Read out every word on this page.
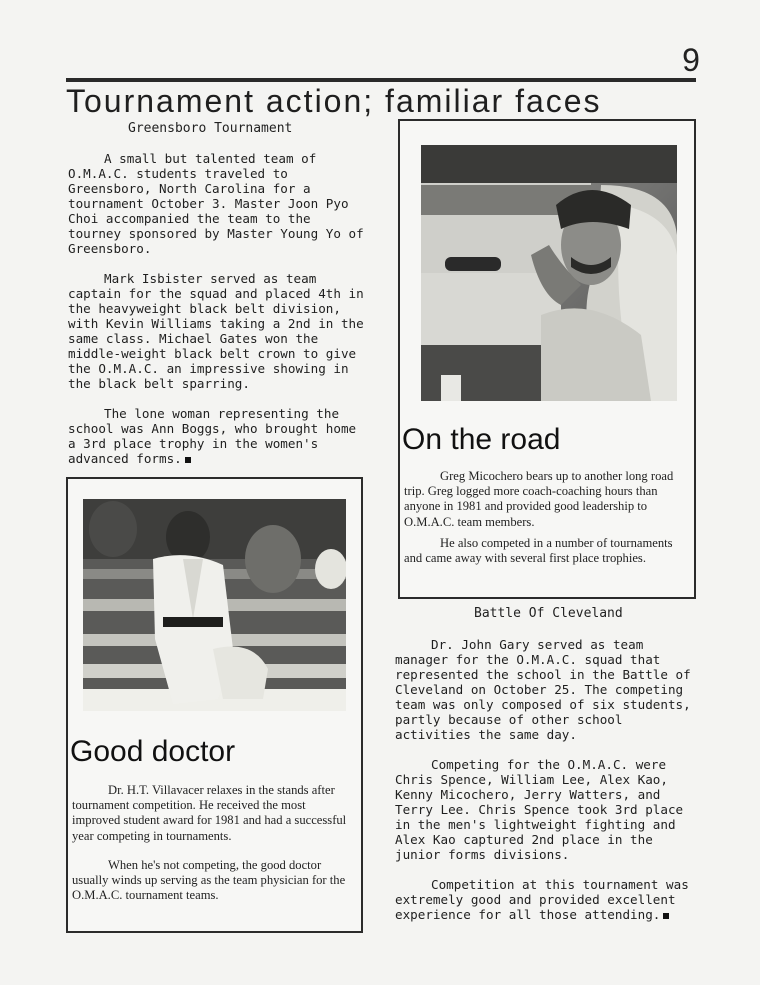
9
Tournament action; familiar faces
Greensboro Tournament

A small but talented team of O.M.A.C. students traveled to Greensboro, North Carolina for a tournament October 3. Master Joon Pyo Choi accompanied the team to the tourney sponsored by Master Young Yo of Greensboro.

Mark Isbister served as team captain for the squad and placed 4th in the heavyweight black belt division, with Kevin Williams taking a 2nd in the same class. Michael Gates won the middle-weight black belt crown to give the O.M.A.C. an impressive showing in the black belt sparring.

The lone woman representing the school was Ann Boggs, who brought home a 3rd place trophy in the women's advanced forms.

On the road

Greg Micochero bears up to another long road trip. Greg logged more coach-coaching hours than anyone in 1981 and provided good leadership to O.M.A.C. team members.

He also competed in a number of tournaments and came away with several first place trophies.

Good doctor

Dr. H.T. Villavacer relaxes in the stands after tournament competition. He received the most improved student award for 1981 and had a successful year competing in tournaments.

When he's not competing, the good doctor usually winds up serving as the team physician for the O.M.A.C. tournament teams.

Battle Of Cleveland

Dr. John Gary served as team manager for the O.M.A.C. squad that represented the school in the Battle of Cleveland on October 25. The competing team was only composed of six students, partly because of other school activities the same day.

Competing for the O.M.A.C. were Chris Spence, William Lee, Alex Kao, Kenny Micochero, Jerry Watters, and Terry Lee. Chris Spence took 3rd place in the men's lightweight fighting and Alex Kao captured 2nd place in the junior forms divisions.

Competition at this tournament was extremely good and provided excellent experience for all those attending.
